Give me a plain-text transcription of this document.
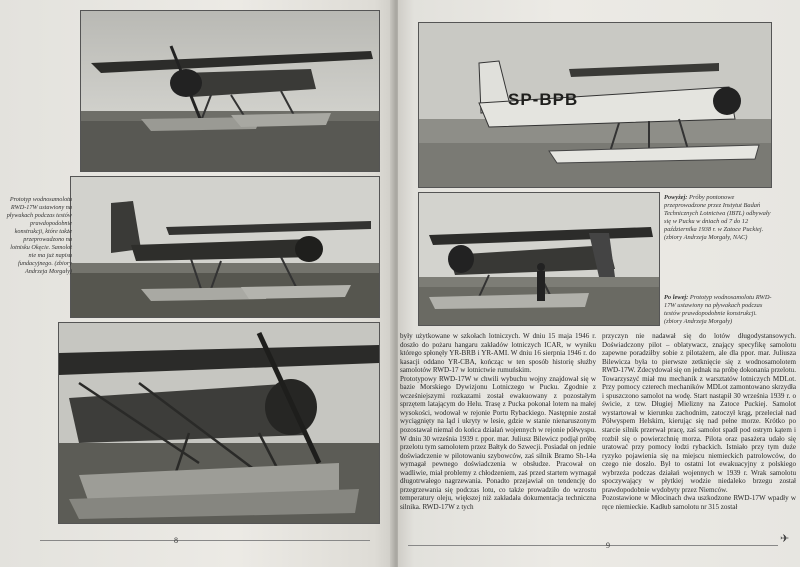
Prototyp wodnosamolotu RWD-17W ustawiony na pływakach podczas testów prawdopodobnie konstrukcji, które także przeprowadzono na lotnisku Okęcie. Samolot nie ma już napisu fundacyjnego. (zbiory Andrzeja Morgały)
8
SP-BPB
Powyżej: Próby pontonowe przeprowadzone przez Instytut Badań Technicznych Lotnictwa (IBTL) odbywały się w Pucku w dniach od 7 do 12 października 1938 r. w Zatoce Puckiej. (zbiory Andrzeja Morgały, NAC)
Po lewej: Prototyp wodnosamolotu RWD-17W ustawiony na pływakach podczas testów prawdopodobnie konstrukcji. (zbiory Andrzeja Morgały)
były użytkowane w szkołach lotniczych. W dniu 15 maja 1946 r. doszło do pożaru hangaru zakładów lotniczych ICAR, w wyniku którego spłonęły YR-BRB i YR-AMI. W dniu 16 sierpnia 1946 r. do kasacji oddano YR-CBA, kończąc w ten sposób historię służby samolotów RWD-17 w lotnictwie rumuńskim.
Prototypowy RWD-17W w chwili wybuchu wojny znajdował się w bazie Morskiego Dywizjonu Lotniczego w Pucku. Zgodnie z wcześniejszymi rozkazami został ewakuowany z pozostałym sprzętem latającym do Helu. Trasę z Pucka pokonał lotem na małej wysokości, wodował w rejonie Portu Rybackiego. Następnie został wyciągnięty na ląd i ukryty w lesie, gdzie w stanie nienaruszonym pozostawał niemal do końca działań wojennych w rejonie półwyspu. W dniu 30 września 1939 r. ppor. mar. Juliusz Bilewicz podjął próbę przelotu tym samolotem przez Bałtyk do Szwecji. Posiadał on jednie doświadczenie w pilotowaniu szybowców, zaś silnik Bramo Sh-14a wymagał pewnego doświadczenia w obsłudze. Pracował on wadliwie, miał problemy z chłodzeniem, zaś przed startem wymagał długotrwałego nagrzewania. Ponadto przejawiał on tendencję do przegrzewania się podczas lotu, co także prowadziło do wzrostu temperatury oleju, większej niż zakładała dokumentacja techniczna silnika. RWD-17W z tych
przyczyn nie nadawał się do lotów długodystansowych. Doświadczony pilot – oblatywacz, znający specyfikę samolotu zapewne poradziłby sobie z pilotażem, ale dla ppor. mar. Juliusza Bilewicza była to pierwsze zetknięcie się z wodnosamolotem RWD-17W. Zdecydował się on jednak na próbę dokonania przelotu. Towarzyszyć miał mu mechanik z warsztatów lotniczych MDLot. Przy pomocy czterech mechaników MDLot zamontowano skrzydła i spuszczono samolot na wodę. Start nastąpił 30 września 1939 r. o świcie, z tzw. Długiej Mielizny na Zatoce Puckiej. Samolot wystartował w kierunku zachodnim, zatoczył krąg, przeleciał nad Półwyspem Helskim, kierując się nad pełne morze. Krótko po starcie silnik przerwał pracę, zaś samolot spadł pod ostrym kątem i rozbił się o powierzchnię morza. Pilota oraz pasażera udało się uratować przy pomocy łodzi rybackich. Istniało przy tym duże ryzyko pojawienia się na miejscu niemieckich patrolowców, do czego nie doszło. Był to ostatni lot ewakuacyjny z polskiego wybrzeża podczas działań wojennych w 1939 r. Wrak samolotu spoczywający w płytkiej wodzie niedaleko brzegu został prawdopodobnie wydobyty przez Niemców.
Pozostawione w Młocinach dwa uszkodzone RWD-17W wpadły w ręce niemieckie. Kadłub samolotu nr 315 został
9
✈
